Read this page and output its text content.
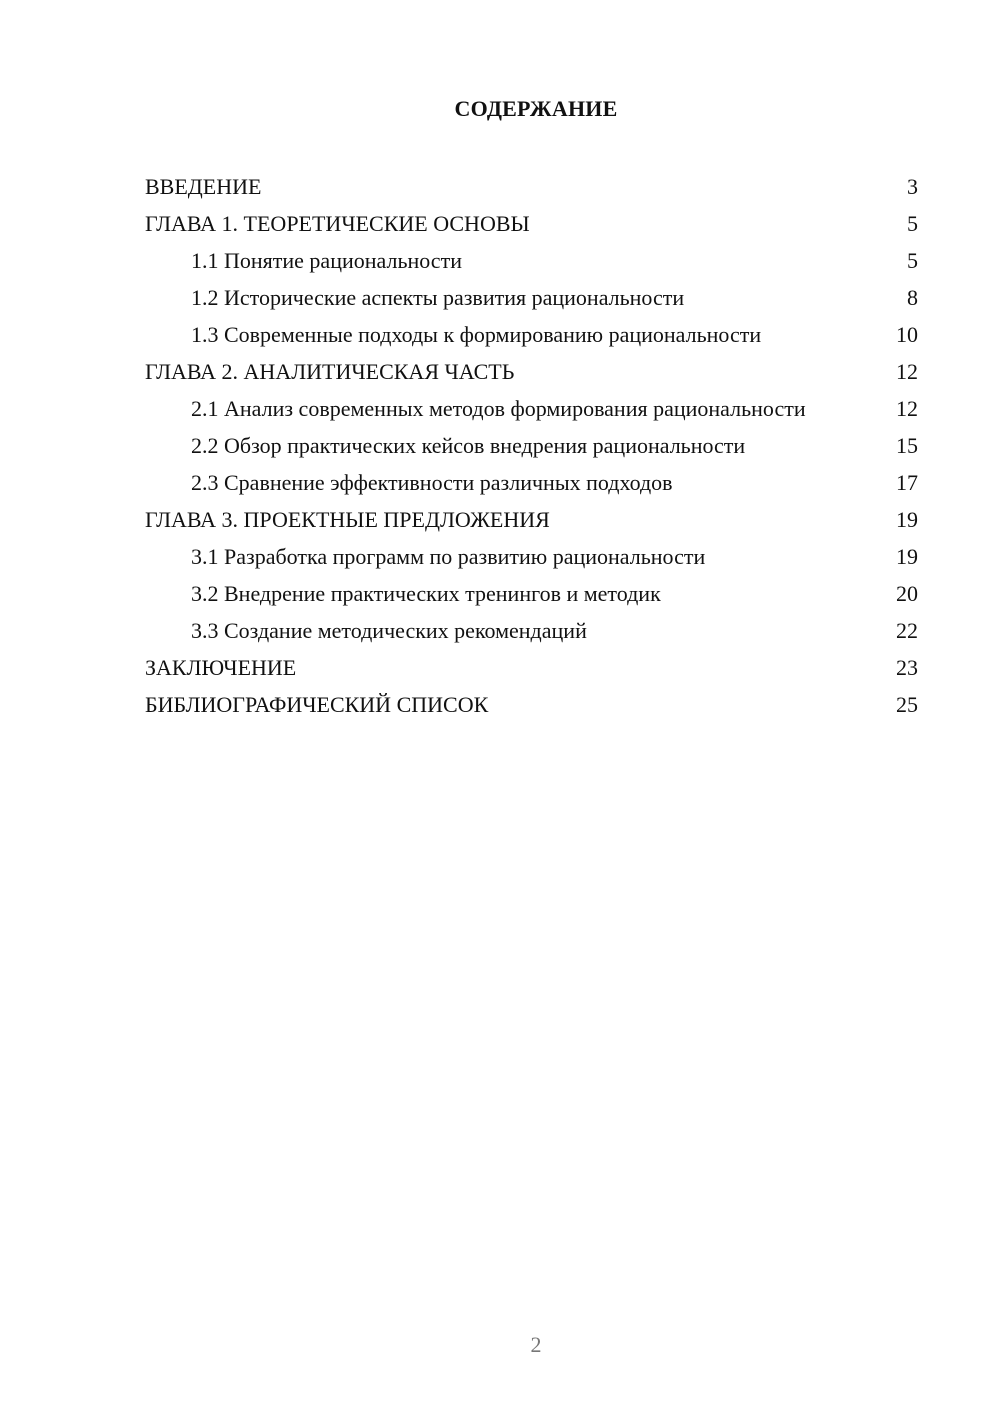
СОДЕРЖАНИЕ
ВВЕДЕНИЕ	3
ГЛАВА 1. ТЕОРЕТИЧЕСКИЕ ОСНОВЫ	5
1.1 Понятие рациональности	5
1.2 Исторические аспекты развития рациональности	8
1.3 Современные подходы к формированию рациональности	10
ГЛАВА 2. АНАЛИТИЧЕСКАЯ ЧАСТЬ	12
2.1 Анализ современных методов формирования рациональности	12
2.2 Обзор практических кейсов внедрения рациональности	15
2.3 Сравнение эффективности различных подходов	17
ГЛАВА 3. ПРОЕКТНЫЕ ПРЕДЛОЖЕНИЯ	19
3.1 Разработка программ по развитию рациональности	19
3.2 Внедрение практических тренингов и методик	20
3.3 Создание методических рекомендаций	22
ЗАКЛЮЧЕНИЕ	23
БИБЛИОГРАФИЧЕСКИЙ СПИСОК	25
2
